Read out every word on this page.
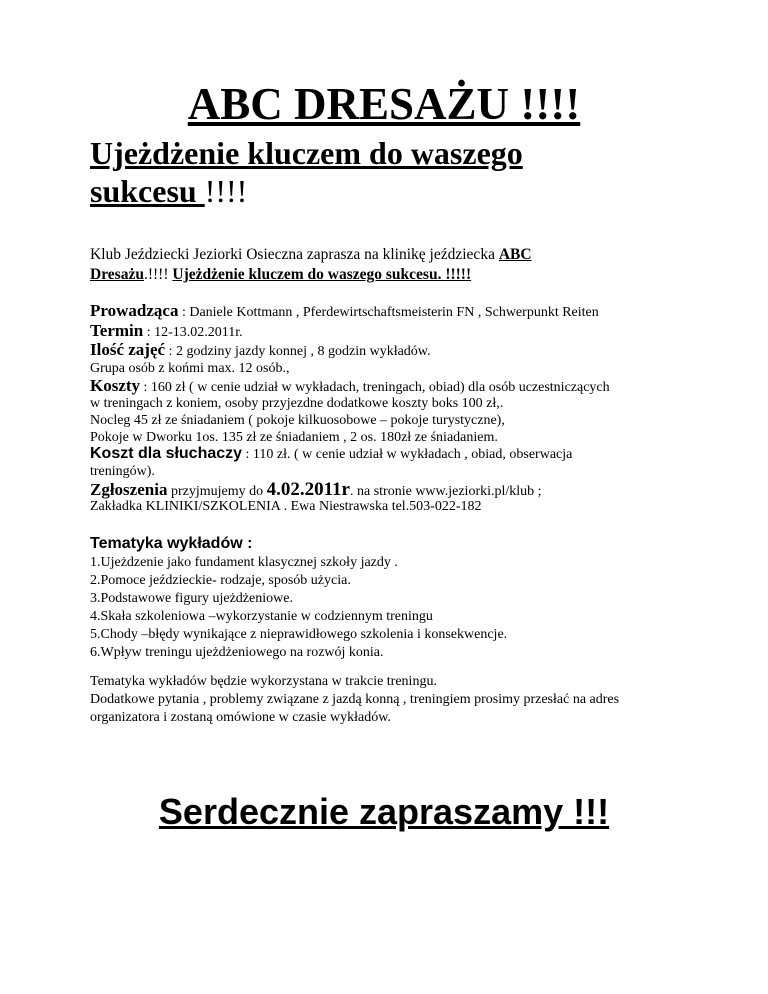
ABC DRESAŻU !!!!
Ujeżdżenie kluczem do waszego
sukcesu !!!!
Klub Jeździecki Jeziorki Osieczna zaprasza na klinikę jeździecka ABC
Dresażu.!!!! Ujeżdżenie kluczem do waszego sukcesu. !!!!!
Prowadząca : Daniele Kottmann , Pferdewirtschaftsmeisterin FN , Schwerpunkt Reiten
Termin : 12-13.02.2011r.
Ilość zajęć : 2 godziny jazdy konnej , 8 godzin wykładów.
Grupa osób z końmi max. 12 osób.,
Koszty : 160 zł ( w cenie udział w wykładach, treningach, obiad) dla osób uczestniczących
w treningach z koniem, osoby przyjezdne dodatkowe koszty boks 100 zł,.
Nocleg 45 zł ze śniadaniem ( pokoje kilkuosobowe – pokoje turystyczne),
Pokoje w Dworku 1os. 135 zł ze śniadaniem , 2 os. 180zł ze śniadaniem.
Koszt dla słuchaczy : 110 zł. ( w cenie udział w wykładach , obiad, obserwacja
treningów).
Zgłoszenia przyjmujemy do 4.02.2011r. na stronie www.jeziorki.pl/klub ;
Zakładka KLINIKI/SZKOLENIA . Ewa Niestrawska tel.503-022-182
Tematyka wykładów :
1.Ujeżdzenie jako fundament klasycznej szkoły jazdy .
2.Pomoce jeździeckie- rodzaje, sposób użycia.
3.Podstawowe figury ujeżdżeniowe.
4.Skała szkoleniowa –wykorzystanie w codziennym treningu
5.Chody –błędy wynikające z nieprawidłowego szkolenia i konsekwencje.
6.Wpływ treningu ujeżdżeniowego na rozwój konia.
Tematyka wykładów będzie wykorzystana w trakcie treningu.
Dodatkowe pytania , problemy związane z jazdą konną , treningiem prosimy przesłać na adres
organizatora i zostaną omówione w czasie wykładów.
Serdecznie zapraszamy !!!
